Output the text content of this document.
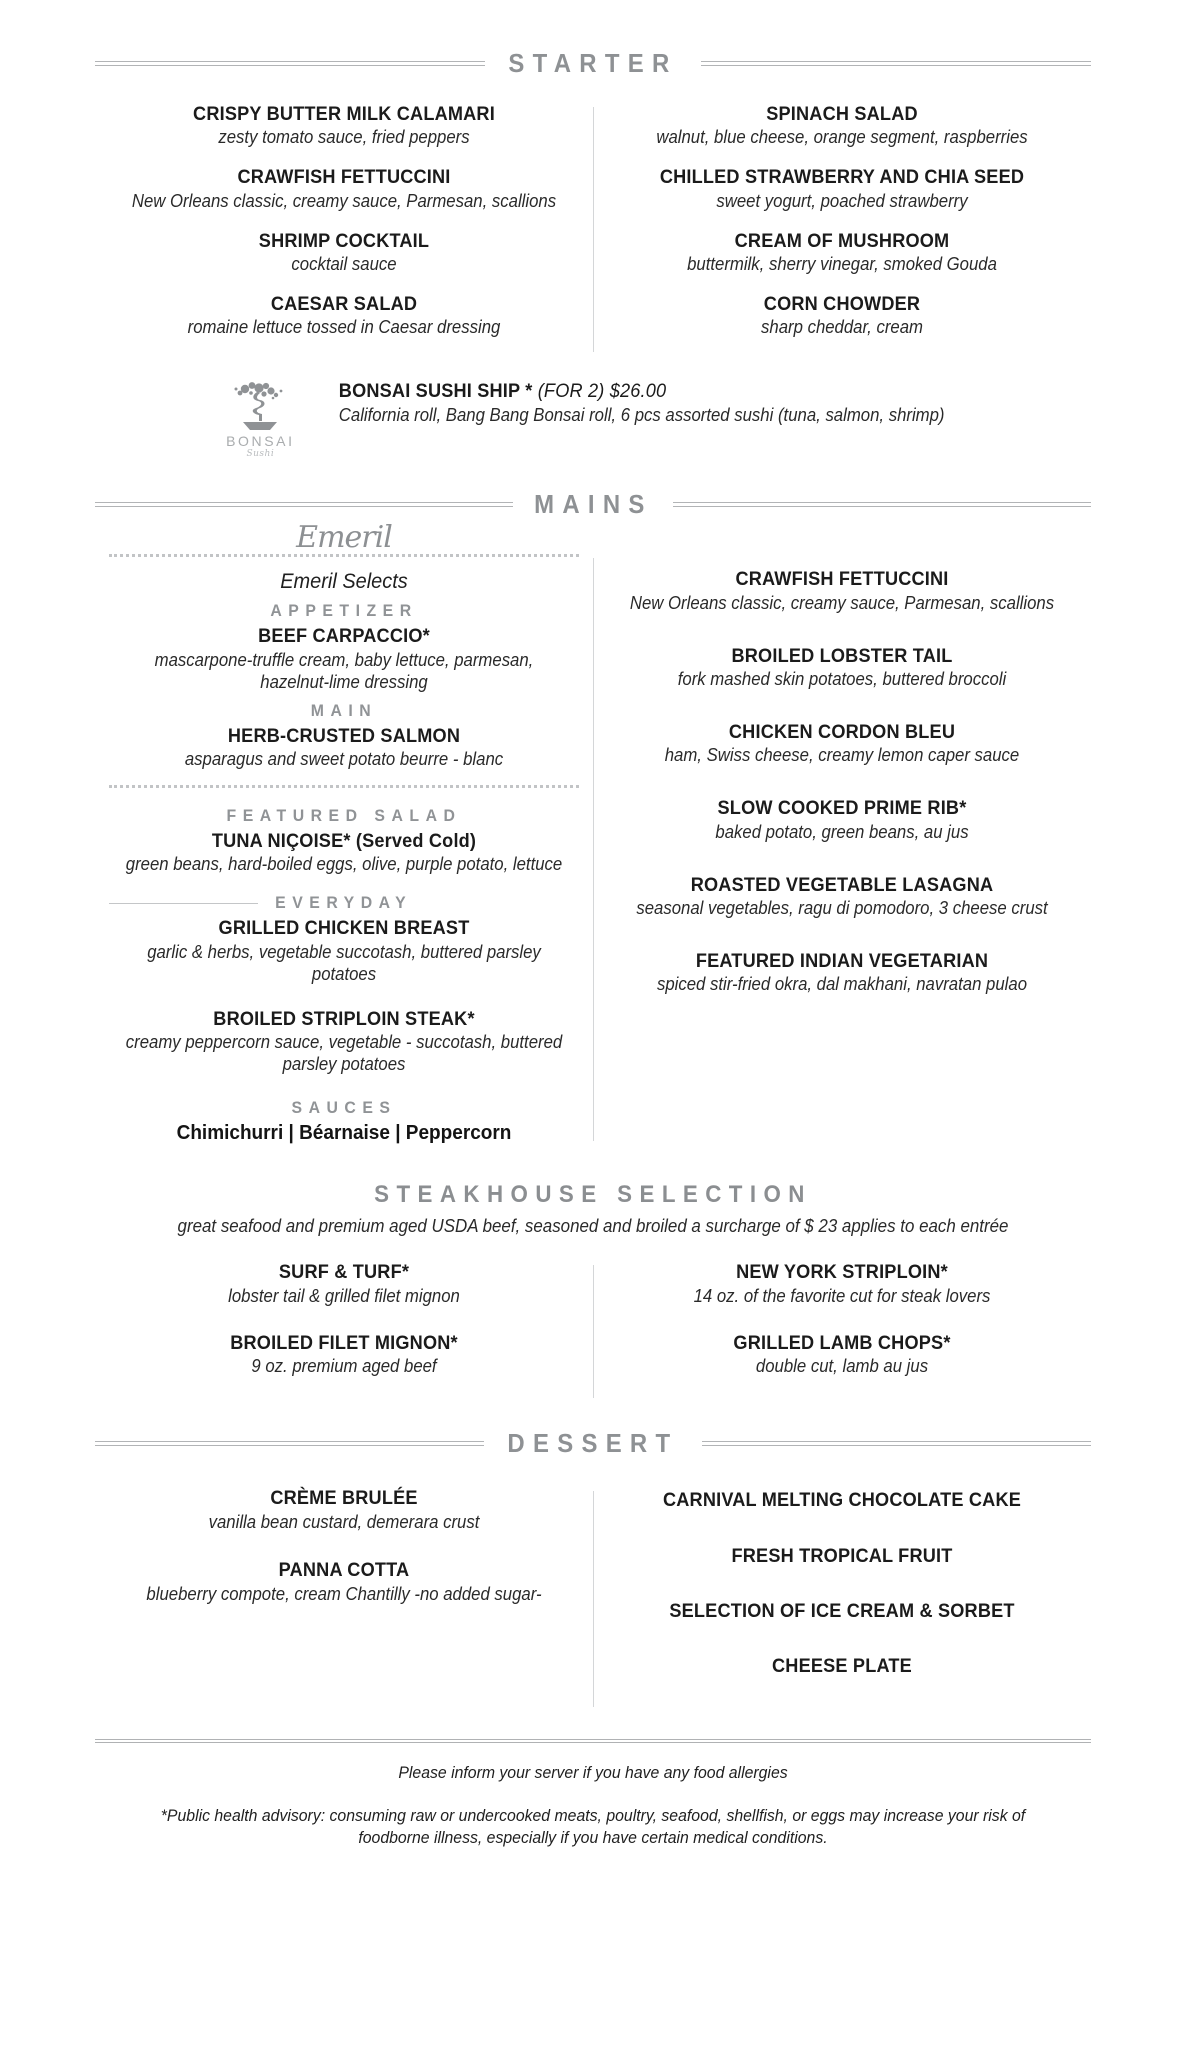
STARTER
CRISPY BUTTER MILK CALAMARI
zesty tomato sauce, fried peppers
CRAWFISH FETTUCCINI
New Orleans classic, creamy sauce, Parmesan, scallions
SHRIMP COCKTAIL
cocktail sauce
CAESAR SALAD
romaine lettuce tossed in Caesar dressing
SPINACH SALAD
walnut, blue cheese, orange segment, raspberries
CHILLED STRAWBERRY AND CHIA SEED
sweet yogurt, poached strawberry
CREAM OF MUSHROOM
buttermilk, sherry vinegar, smoked Gouda
CORN CHOWDER
sharp cheddar, cream
BONSAI
Sushi
BONSAI SUSHI SHIP * (FOR 2) $26.00
California roll, Bang Bang Bonsai roll, 6 pcs assorted sushi (tuna, salmon, shrimp)
MAINS
Emeril
Emeril Selects
APPETIZER
BEEF CARPACCIO*
mascarpone-truffle cream, baby lettuce, parmesan, hazelnut-lime dressing
MAIN
HERB-CRUSTED SALMON
asparagus and sweet potato beurre - blanc
FEATURED SALAD
TUNA NIÇOISE* (Served Cold)
green beans, hard-boiled eggs, olive, purple potato, lettuce
EVERYDAY
GRILLED CHICKEN BREAST
garlic & herbs, vegetable succotash, buttered parsley potatoes
BROILED STRIPLOIN STEAK*
creamy peppercorn sauce, vegetable - succotash, buttered parsley potatoes
SAUCES
Chimichurri | Béarnaise | Peppercorn
CRAWFISH FETTUCCINI
New Orleans classic, creamy sauce, Parmesan, scallions
BROILED LOBSTER TAIL
fork mashed skin potatoes, buttered broccoli
CHICKEN CORDON BLEU
ham, Swiss cheese, creamy lemon caper sauce
SLOW COOKED PRIME RIB*
baked potato, green beans, au jus
ROASTED VEGETABLE LASAGNA
seasonal vegetables, ragu di pomodoro, 3 cheese crust
FEATURED INDIAN VEGETARIAN
spiced stir-fried okra, dal makhani, navratan pulao
STEAKHOUSE SELECTION
great seafood and premium aged USDA beef, seasoned and broiled a surcharge of $ 23 applies to each entrée
SURF & TURF*
lobster tail & grilled filet mignon
BROILED FILET MIGNON*
9 oz. premium aged beef
NEW YORK STRIPLOIN*
14 oz. of the favorite cut for steak lovers
GRILLED LAMB CHOPS*
double cut, lamb au jus
DESSERT
CRÈME BRULÉE
vanilla bean custard, demerara crust
PANNA COTTA
blueberry compote, cream Chantilly -no added sugar-
CARNIVAL MELTING CHOCOLATE CAKE
FRESH TROPICAL FRUIT
SELECTION OF ICE CREAM & SORBET
CHEESE PLATE
Please inform your server if you have any food allergies
*Public health advisory: consuming raw or undercooked meats, poultry, seafood, shellfish, or eggs may increase your risk of foodborne illness, especially if you have certain medical conditions.
